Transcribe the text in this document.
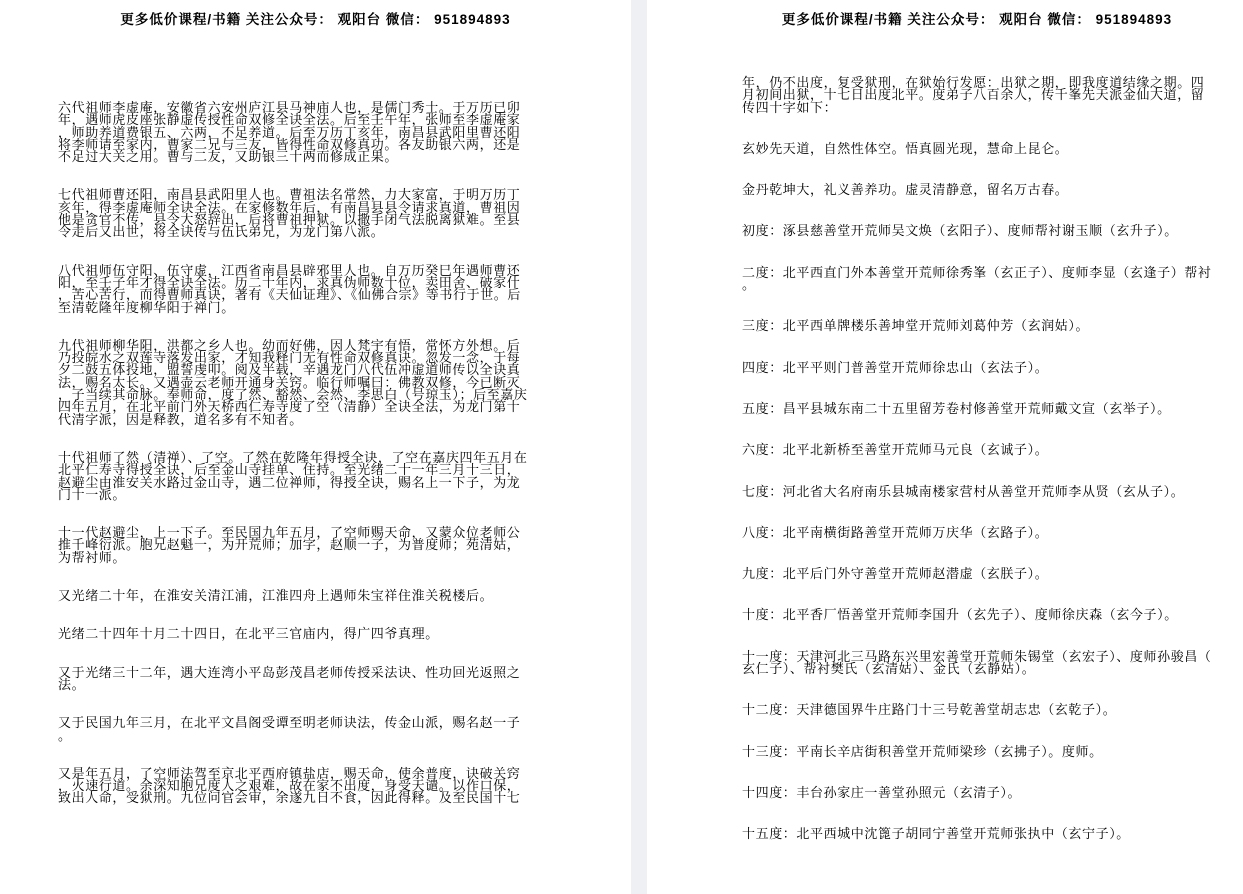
更多低价课程/书籍 关注公众号： 观阳台 微信： 951894893

六代祖师李虚庵，安徽省六安州庐江县马神庙人也，是儒门秀士。于万历已卯年，遇师虎皮座张静虚传授性命双修全诀全法。后至壬午年，张师至李虚庵家，师助养道费银五、六两，不足养道。后至万历丁亥年，南昌县武阳里曹还阳将李师请至家内，曹家二兄与三友，皆得性命双修真功。各友助银六两，还是不足过大关之用。曹与二友，又助银三十两而修成正果。

七代祖师曹还阳，南昌县武阳里人也。曹祖法名常然，力大家富，于明万历丁亥年，得李虚庵师全诀全法。在家修数年后，有南昌县县令请求真道，曹祖因他是贪官不传，县令大怒辞出，后将曹祖押狱。以撒手闭气法脱离狱难。至县令走后又出世，将全诀传与伍氏弟兄，为龙门第八派。

八代祖师伍守阳、伍守虚，江西省南昌县辟邪里人也。自万历癸巳年遇师曹还阳，至壬子年才得全诀全法。历二十年内，求真伪师数十位，卖田舍、破家什，苦心苦行，而得曹师真诀，著有《天仙证理》、《仙佛合宗》等书行于世。后至清乾隆年度柳华阳于禅门。

九代祖师柳华阳，洪都之乡人也。幼而好佛，因人梵宇有悟，常怀方外想。后乃投皖水之双莲寺落发出家，才知我释门无有性命双修真诀。忽发一念，于每夕二鼓五体投地，盟誓虔叩。阅及半载，辛遇龙门八代伍冲虚道师传以全诀真法，赐名太长。又遇壶云老师开通身关窍。临行师嘱曰：佛教双修，今已断灭，子当续其命脉。奉师命，度了然、豁然、会然、李思白（号琼玉）；后至嘉庆四年五月，在北平前门外天桥西仁寿寺度了空（清静）全诀全法，为龙门第十代清字派，因是释教，道名多有不知者。

十代祖师了然（清禅）、了空。了然在乾隆年得授全诀，了空在嘉庆四年五月在北平仁寿寺得授全诀，后至金山寺挂单、住持。至光绪二十一年三月十三日，赵避尘由淮安关水路过金山寺，遇二位禅师，得授全诀，赐名上一下子，为龙门十一派。

十一代赵避尘，上一下子。至民国九年五月，了空师赐天命，又蒙众位老师公推千峰衍派。胞兄赵魁一，为开荒师；加字，赵顺一子，为普度师；苑清姑，为帮衬师。

又光绪二十年，在淮安关清江浦，江淮四舟上遇师朱宝祥住淮关税楼后。

光绪二十四年十月二十四日，在北平三官庙内，得广四爷真理。

又于光绪三十二年，遇大连湾小平岛彭茂昌老师传授采法诀、性功回光返照之法。

又于民国九年三月，在北平文昌阁受谭至明老师诀法，传金山派，赐名赵一子。

又是年五月，了空师法驾至京北平西府镇盐店，赐天命，使余普度，诀破关窍，火速行道。余深知胞兄度人之艰难，故在家不出度，身受天谴。以作口保，致出人命，受狱刑。九位问官会审，余遂九日不食，因此得释。及至民国十七

更多低价课程/书籍 关注公众号： 观阳台 微信： 951894893

年，仍不出度，复受狱刑，在狱始行发愿：出狱之期，即我度道结缘之期。四月初间出狱，十七日出度北平。度弟子八百余人，传千峯先天派金仙大道，留传四十字如下：

玄妙先天道，自然性体空。悟真圆光现，慧命上昆仑。

金丹乾坤大，礼义善养功。虚灵清静意，留名万古春。

初度：涿县慈善堂开荒师吴文焕（玄阳子）、度师帮衬谢玉顺（玄升子）。

二度：北平西直门外本善堂开荒师徐秀峯（玄正子）、度师李显（玄逢子）帮衬。

三度：北平西单牌楼乐善坤堂开荒师刘葛仲芳（玄润姑）。

四度：北平平则门普善堂开荒师徐忠山（玄法子）。

五度：昌平县城东南二十五里留芳卷村修善堂开荒师戴文宣（玄举子）。

六度：北平北新桥至善堂开荒师马元良（玄诚子）。

七度：河北省大名府南乐县城南楼家营村从善堂开荒师李从贤（玄从子）。

八度：北平南横街路善堂开荒师万庆华（玄路子）。

九度：北平后门外守善堂开荒师赵潜虚（玄朕子）。

十度：北平香厂悟善堂开荒师李国升（玄先子）、度师徐庆森（玄今子）。

十一度：天津河北三马路东兴里宏善堂开荒师朱锡堂（玄宏子）、度师孙骏昌（玄仁子）、帮衬樊氏（玄清姑）、金氏（玄静姑）。

十二度：天津德国界牛庄路门十三号乾善堂胡志忠（玄乾子）。

十三度：平南长辛店街积善堂开荒师梁珍（玄拂子）。度师。

十四度：丰台孙家庄一善堂孙照元（玄清子）。

十五度：北平西城中沈篦子胡同宁善堂开荒师张执中（玄宁子）。
